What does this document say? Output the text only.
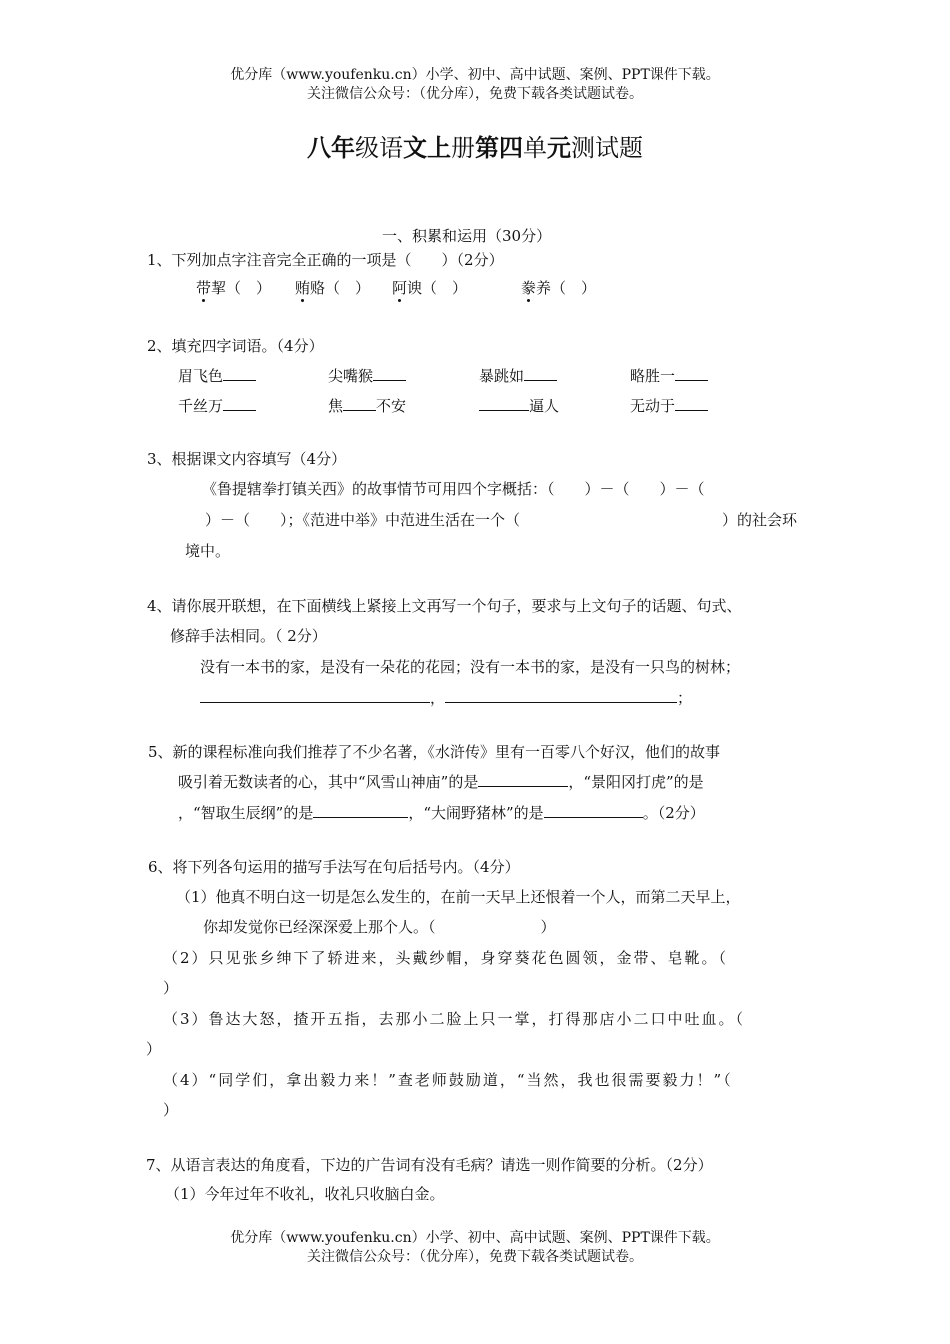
优分库（www.youfenku.cn）小学、初中、高中试题、案例、PPT课件下载。
关注微信公众号：（优分库），免费下载各类试题试卷。
八年级语文上册第四单元测试题
一、积累和运用（30分）
1、下列加点字注音完全正确的一项是（　　）（2分）
带挈（　） 贿赂（　） 阿谀（　）	豢养（　）
2、填充四字词语。（4分）
眉飞色	尖嘴猴	暴跳如	略胜一
千丝万	焦 不安	逼人	无动于
3、根据课文内容填写（4分）
《鲁提辖拳打镇关西》的故事情节可用四个字概括：（　　）－（　　）－（
）－（　　）；《范进中举》中范进生活在一个（	）的社会环
境中。
4、请你展开联想，在下面横线上紧接上文再写一个句子，要求与上文句子的话题、句式、
修辞手法相同。（ 2分）
没有一本书的家，是没有一朵花的花园；没有一本书的家，是没有一只鸟的树林；
，	；
5、新的课程标准向我们推荐了不少名著，《水浒传》里有一百零八个好汉，他们的故事
吸引着无数读者的心，其中“风雪山神庙”的是	，“景阳冈打虎”的是
，“智取生辰纲”的是	，“大闹野猪林”的是	。（2分）
6、将下列各句运用的描写手法写在句后括号内。（4分）
（1）他真不明白这一切是怎么发生的，在前一天早上还恨着一个人，而第二天早上，
你却发觉你已经深深爱上那个人。（　　　　　　　）
（2）只见张乡绅下了轿进来，头戴纱帽，身穿葵花色圆领，金带、皂靴。（
）
（3）鲁达大怒，揸开五指，去那小二脸上只一掌，打得那店小二口中吐血。（
）
（4）“同学们，拿出毅力来！”查老师鼓励道，“当然，我也很需要毅力！”（
）
7、从语言表达的角度看，下边的广告词有没有毛病？请选一则作简要的分析。（2分）
（1）今年过年不收礼，收礼只收脑白金。
优分库（www.youfenku.cn）小学、初中、高中试题、案例、PPT课件下载。
关注微信公众号：（优分库），免费下载各类试题试卷。
